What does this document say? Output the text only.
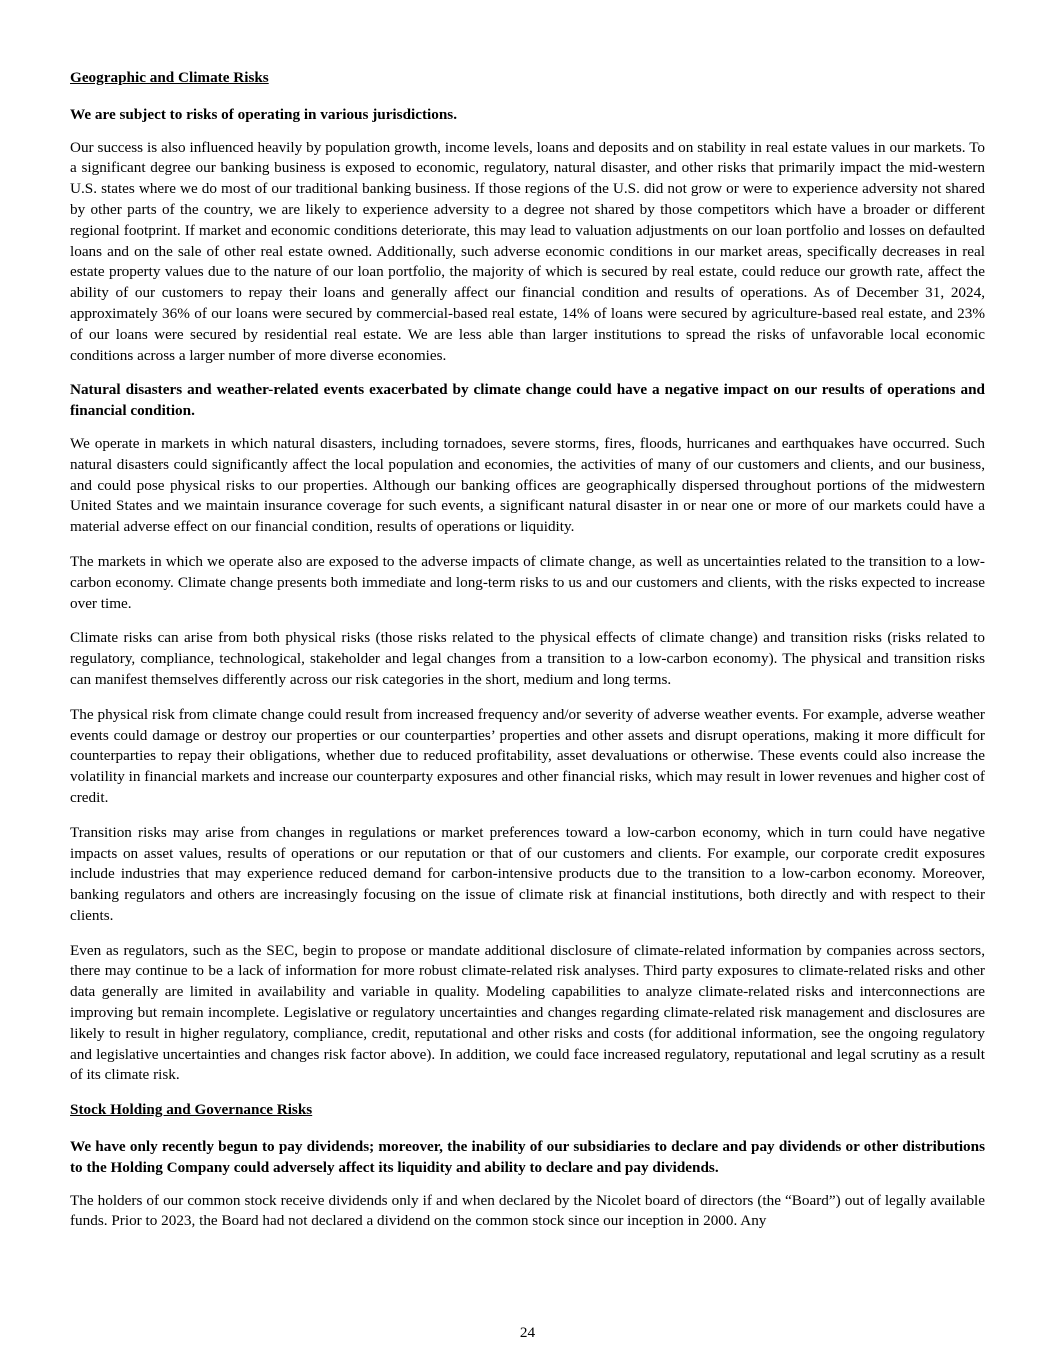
Geographic and Climate Risks
We are subject to risks of operating in various jurisdictions.

Our success is also influenced heavily by population growth, income levels, loans and deposits and on stability in real estate values in our markets. To a significant degree our banking business is exposed to economic, regulatory, natural disaster, and other risks that primarily impact the mid-western U.S. states where we do most of our traditional banking business. If those regions of the U.S. did not grow or were to experience adversity not shared by other parts of the country, we are likely to experience adversity to a degree not shared by those competitors which have a broader or different regional footprint. If market and economic conditions deteriorate, this may lead to valuation adjustments on our loan portfolio and losses on defaulted loans and on the sale of other real estate owned. Additionally, such adverse economic conditions in our market areas, specifically decreases in real estate property values due to the nature of our loan portfolio, the majority of which is secured by real estate, could reduce our growth rate, affect the ability of our customers to repay their loans and generally affect our financial condition and results of operations. As of December 31, 2024, approximately 36% of our loans were secured by commercial-based real estate, 14% of loans were secured by agriculture-based real estate, and 23% of our loans were secured by residential real estate. We are less able than larger institutions to spread the risks of unfavorable local economic conditions across a larger number of more diverse economies.

Natural disasters and weather-related events exacerbated by climate change could have a negative impact on our results of operations and financial condition.

We operate in markets in which natural disasters, including tornadoes, severe storms, fires, floods, hurricanes and earthquakes have occurred. Such natural disasters could significantly affect the local population and economies, the activities of many of our customers and clients, and our business, and could pose physical risks to our properties. Although our banking offices are geographically dispersed throughout portions of the midwestern United States and we maintain insurance coverage for such events, a significant natural disaster in or near one or more of our markets could have a material adverse effect on our financial condition, results of operations or liquidity.

The markets in which we operate also are exposed to the adverse impacts of climate change, as well as uncertainties related to the transition to a low-carbon economy. Climate change presents both immediate and long-term risks to us and our customers and clients, with the risks expected to increase over time.

Climate risks can arise from both physical risks (those risks related to the physical effects of climate change) and transition risks (risks related to regulatory, compliance, technological, stakeholder and legal changes from a transition to a low-carbon economy). The physical and transition risks can manifest themselves differently across our risk categories in the short, medium and long terms.

The physical risk from climate change could result from increased frequency and/or severity of adverse weather events. For example, adverse weather events could damage or destroy our properties or our counterparties’ properties and other assets and disrupt operations, making it more difficult for counterparties to repay their obligations, whether due to reduced profitability, asset devaluations or otherwise. These events could also increase the volatility in financial markets and increase our counterparty exposures and other financial risks, which may result in lower revenues and higher cost of credit.

Transition risks may arise from changes in regulations or market preferences toward a low-carbon economy, which in turn could have negative impacts on asset values, results of operations or our reputation or that of our customers and clients. For example, our corporate credit exposures include industries that may experience reduced demand for carbon-intensive products due to the transition to a low-carbon economy. Moreover, banking regulators and others are increasingly focusing on the issue of climate risk at financial institutions, both directly and with respect to their clients.

Even as regulators, such as the SEC, begin to propose or mandate additional disclosure of climate-related information by companies across sectors, there may continue to be a lack of information for more robust climate-related risk analyses. Third party exposures to climate-related risks and other data generally are limited in availability and variable in quality. Modeling capabilities to analyze climate-related risks and interconnections are improving but remain incomplete. Legislative or regulatory uncertainties and changes regarding climate-related risk management and disclosures are likely to result in higher regulatory, compliance, credit, reputational and other risks and costs (for additional information, see the ongoing regulatory and legislative uncertainties and changes risk factor above). In addition, we could face increased regulatory, reputational and legal scrutiny as a result of its climate risk.

Stock Holding and Governance Risks
We have only recently begun to pay dividends; moreover, the inability of our subsidiaries to declare and pay dividends or other distributions to the Holding Company could adversely affect its liquidity and ability to declare and pay dividends.

The holders of our common stock receive dividends only if and when declared by the Nicolet board of directors (the “Board”) out of legally available funds. Prior to 2023, the Board had not declared a dividend on the common stock since our inception in 2000. Any

24
